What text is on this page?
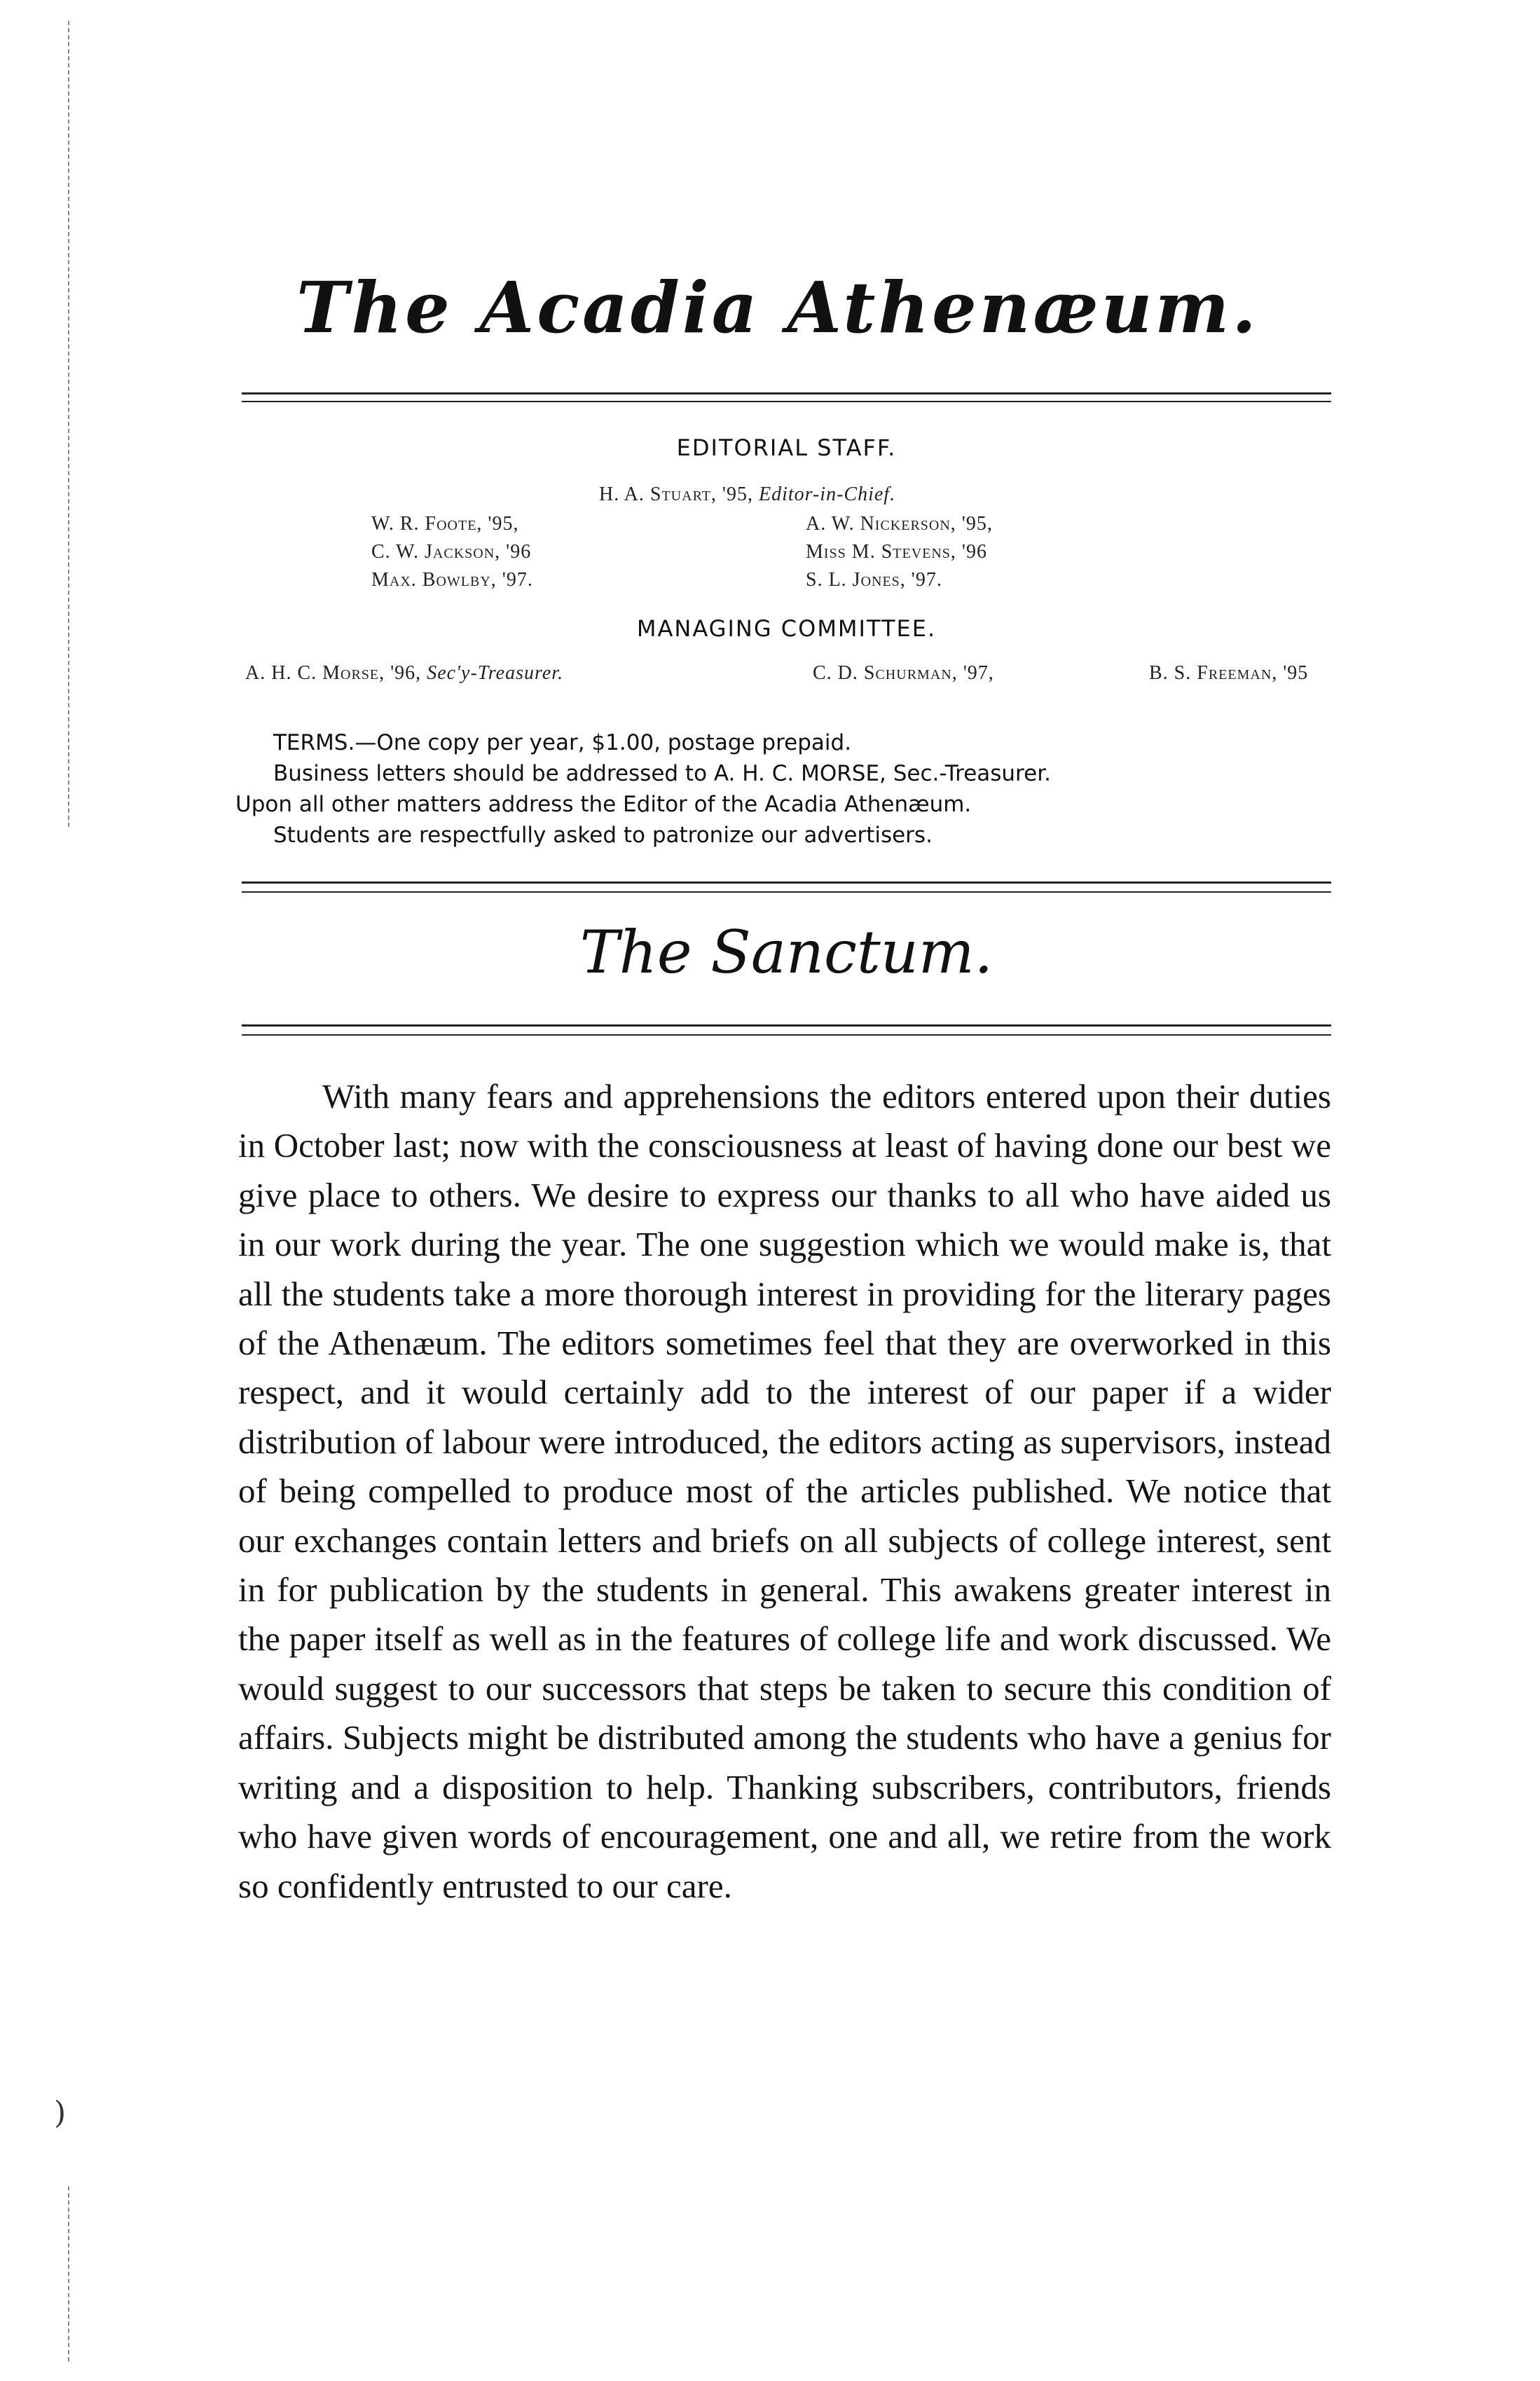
The Acadia Athenæum.
EDITORIAL STAFF.
H. A. Stuart, '95, Editor-in-Chief.
W. R. Foote, '95,	A. W. Nickerson, '95,
C. W. Jackson, '96	Miss M. Stevens, '96
Max. Bowlby, '97.	S. L. Jones, '97.
MANAGING COMMITTEE.
A. H. C. Morse, '96, Sec'y-Treasurer.	C. D. Schurman, '97,	B. S. Freeman, '95
TERMS.—One copy per year, $1.00, postage prepaid.
Business letters should be addressed to A. H. C. MORSE, Sec.-Treasurer.
Upon all other matters address the Editor of the Acadia Athenæum.
Students are respectfully asked to patronize our advertisers.
The Sanctum.

With many fears and apprehensions the editors entered upon their duties in October last; now with the consciousness at least of having done our best we give place to others. We desire to express our thanks to all who have aided us in our work during the year. The one suggestion which we would make is, that all the students take a more thorough interest in providing for the literary pages of the Athenæum. The editors sometimes feel that they are overworked in this respect, and it would certainly add to the interest of our paper if a wider distribution of labour were introduced, the editors acting as supervisors, instead of being compelled to produce most of the articles published. We notice that our exchanges contain letters and briefs on all subjects of college interest, sent in for publication by the students in general. This awakens greater interest in the paper itself as well as in the features of college life and work discussed. We would suggest to our successors that steps be taken to secure this condition of affairs. Subjects might be distributed among the students who have a genius for writing and a disposition to help. Thanking subscribers, contributors, friends who have given words of encouragement, one and all, we retire from the work so confidently entrusted to our care.

)
